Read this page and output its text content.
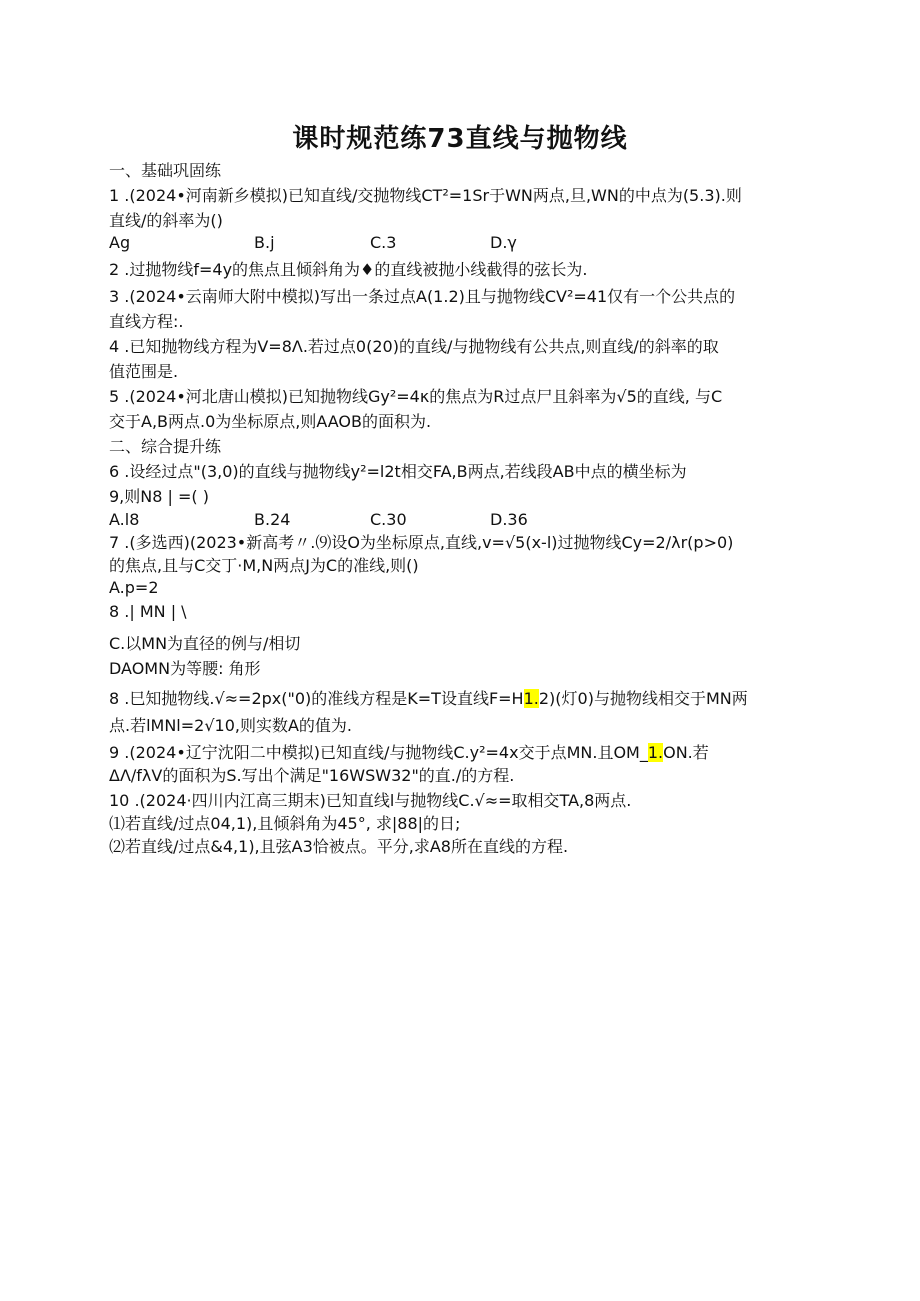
课时规范练73直线与抛物线
一、基础巩固练
1 .(2024•河南新乡模拟)已知直线/交抛物线CT²=1Sr于WN两点,旦,WN的中点为(5.3).则
直线/的斜率为()
Ag	B.j	C.3	D.γ
2 .过抛物线f=4y的焦点且倾斜角为♦的直线被抛小线截得的弦长为.
3 .(2024•云南师大附中模拟)写出一条过点A(1.2)且与抛物线CV²=41仅有一个公共点的
直线方程:.
4 .已知抛物线方程为V=8Λ.若过点0(20)的直线/与抛物线有公共点,则直线/的斜率的取
值范围是.
5 .(2024•河北唐山模拟)已知抛物线Gy²=4κ的焦点为R过点尸且斜率为√5的直线, 与C
交于A,B两点.0为坐标原点,则AAOB的面积为.
二、综合提升练
6 .设经过点"(3,0)的直线与抛物线y²=l2t相交FA,B两点,若线段AB中点的横坐标为
9,则N8 | =( )
A.l8	B.24	C.30	D.36
7 .(多选西)(2023•新高考〃.⑼设O为坐标原点,直线,v=√5(x-l)过抛物线Cy=2∕λr(p>0)
的焦点,且与C交丁·M,N两点J为C的准线,则()
A.p=2
8 .| MN | \
C.以MN为直径的例与/相切
DAOMN为等腰: 角形
8 .巳知抛物线.√≈=2px("0)的准线方程是K=T设直线F=H1.2)(灯0)与抛物线相交于MN两
点.若lMNl=2√10,则实数A的值为.
9 .(2024•辽宁沈阳二中模拟)已知直线/与抛物线C.y²=4x交于点MN.且OM_1.ON.若
ΔΛ∕fλV的面积为S.写出个满足"16WSW32"的直./的方程.
10 .(2024·四川内江高三期末)已知直线l与抛物线C.√≈=取相交TA,8两点.
⑴若直线/过点04,1),且倾斜角为45°, 求|88|的日;
⑵若直线/过点&4,1),且弦A3恰被点。平分,求A8所在直线的方程.
